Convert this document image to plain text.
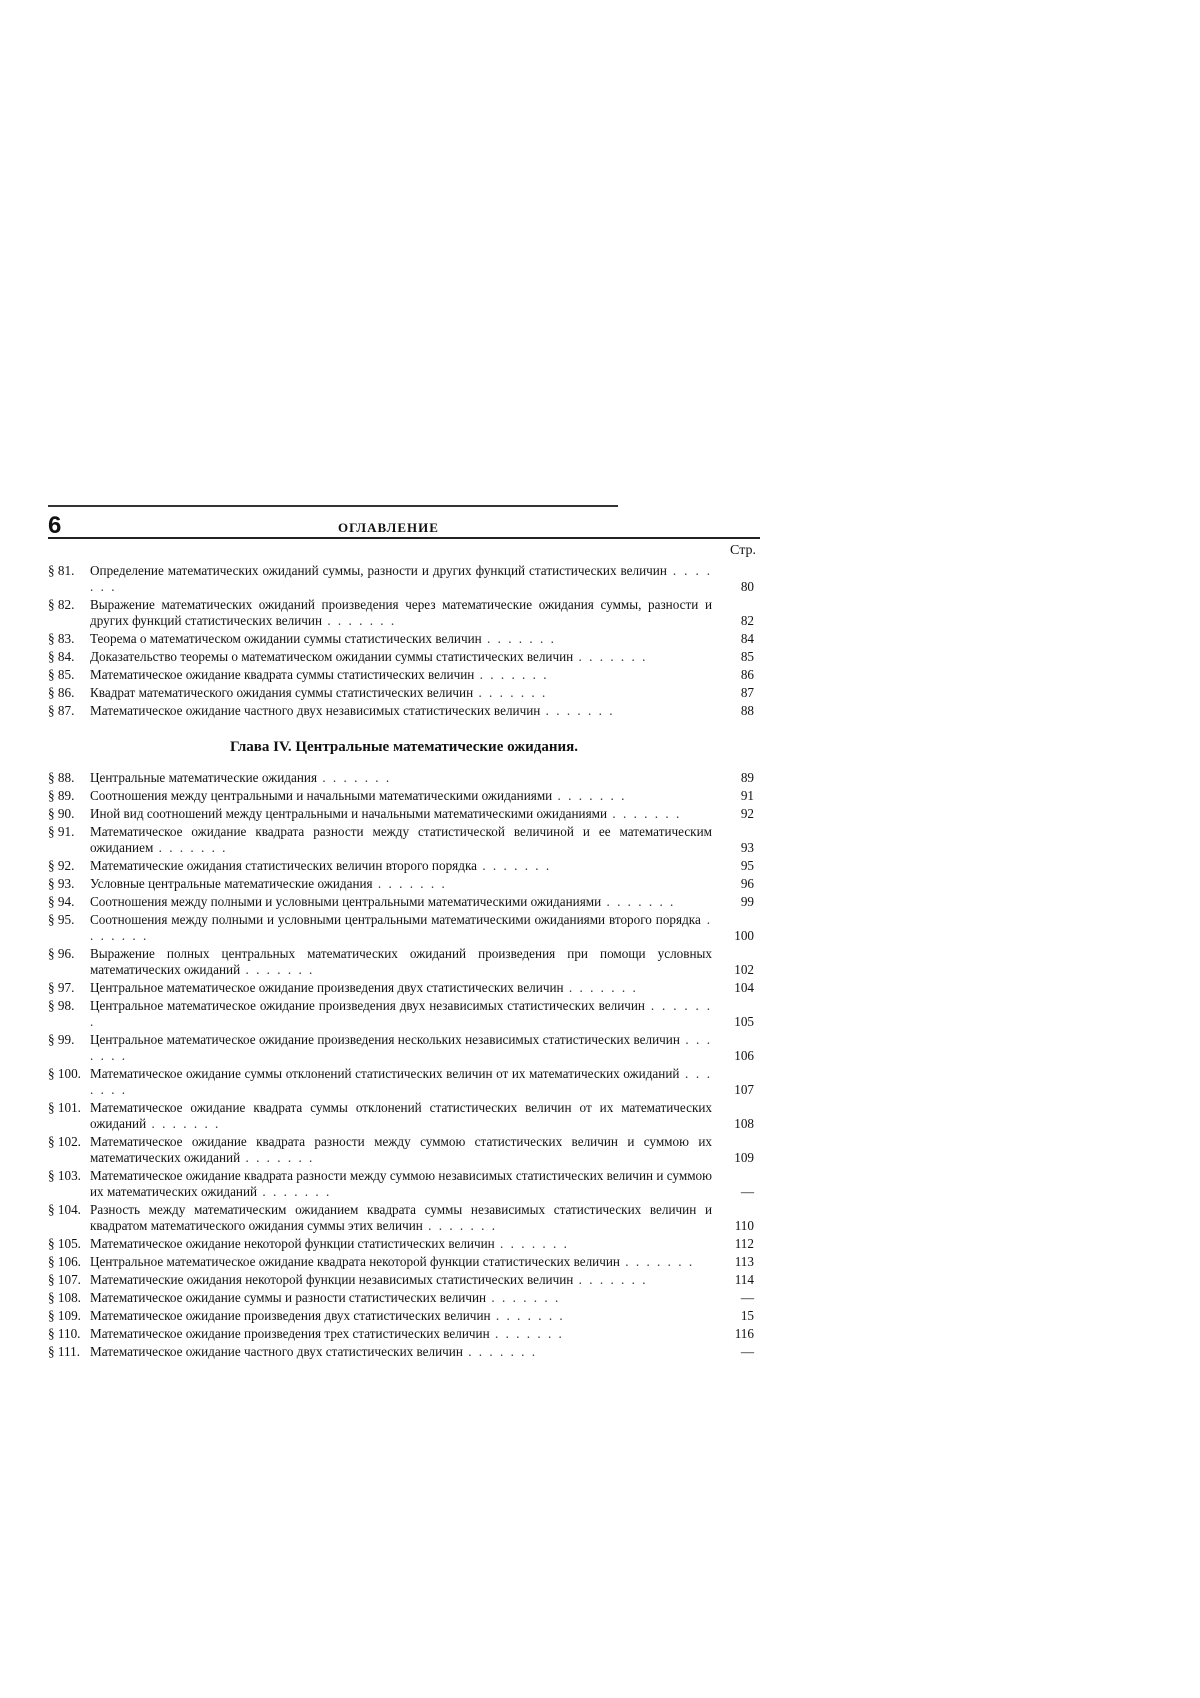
6	ОГЛАВЛЕНИЕ
Стр.
§ 81.	Определение математических ожиданий суммы, разности и других функций статистических величин . . . . . . .	80
§ 82.	Выражение математических ожиданий произведения через математические ожидания суммы, разности и других функций статистических величин . . . . . . .	82
§ 83.	Теорема о математическом ожидании суммы статистических величин . . . . . . .	84
§ 84.	Доказательство теоремы о математическом ожидании суммы статистических величин . . . . . . .	85
§ 85.	Математическое ожидание квадрата суммы статистических величин . . . . . . .	86
§ 86.	Квадрат математического ожидания суммы статистических величин . . . . . . .	87
§ 87.	Математическое ожидание частного двух независимых статистических величин . . . . . . .	88
Глава IV. Центральные математические ожидания.
§ 88.	Центральные математические ожидания . . . . . . .	89
§ 89.	Соотношения между центральными и начальными математическими ожиданиями . . . . . . .	91
§ 90.	Иной вид соотношений между центральными и начальными математическими ожиданиями . . . . . . .	92
§ 91.	Математическое ожидание квадрата разности между статистической величиной и ее математическим ожиданием . . . . . . .	93
§ 92.	Математические ожидания статистических величин второго порядка . . . . . . .	95
§ 93.	Условные центральные математические ожидания . . . . . . .	96
§ 94.	Соотношения между полными и условными центральными математическими ожиданиями . . . . . . .	99
§ 95.	Соотношения между полными и условными центральными математическими ожиданиями второго порядка . . . . . . .	100
§ 96.	Выражение полных центральных математических ожиданий произведения при помощи условных математических ожиданий . . . . . . .	102
§ 97.	Центральное математическое ожидание произведения двух статистических величин . . . . . . .	104
§ 98.	Центральное математическое ожидание произведения двух независимых статистических величин . . . . . . .	105
§ 99.	Центральное математическое ожидание произведения нескольких независимых статистических величин . . . . . . .	106
§ 100. Математическое ожидание суммы отклонений статистических величин от их математических ожиданий . . . . . . .	107
§ 101. Математическое ожидание квадрата суммы отклонений статистических величин от их математических ожиданий . . . . . . .	108
§ 102. Математическое ожидание квадрата разности между суммою статистических величин и суммою их математических ожиданий . . . . . . .	109
§ 103. Математическое ожидание квадрата разности между суммою независимых статистических величин и суммою их математических ожиданий . . . . . . .	—
§ 104. Разность между математическим ожиданием квадрата суммы независимых статистических величин и квадратом математического ожидания суммы этих величин . . . . . . .	110
§ 105. Математическое ожидание некоторой функции статистических величин . . . . . . .	112
§ 106. Центральное математическое ожидание квадрата некоторой функции статистических величин . . . . . . .	113
§ 107. Математические ожидания некоторой функции независимых статистических величин . . . . . . .	114
§ 108. Математическое ожидание суммы и разности статистических величин . . . . . . .	—
§ 109. Математическое ожидание произведения двух статистических величин . . . . . . .	15
§ 110. Математическое ожидание произведения трех статистических величин . . . . . . .	116
§ 111. Математическое ожидание частного двух статистических величин . . . . . . .	—
